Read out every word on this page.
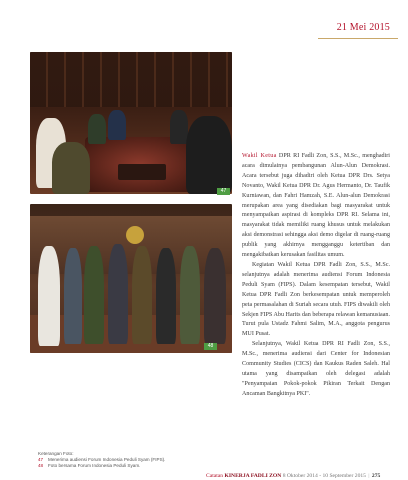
21 Mei 2015
47
48

Wakil Ketua DPR RI Fadli Zon, S.S., M.Sc., menghadiri acara dimulainya pembangunan Alun-Alun Demokrasi. Acara tersebut juga dihadiri oleh Ketua DPR Drs. Setya Novanto, Wakil Ketua DPR Dr. Agus Hermanto, Dr. Taufik Kurniawan, dan Fahri Hamzah, S.E. Alun-alun Demokrasi merupakan area yang disediakan bagi masyarakat untuk menyampaikan aspirasi di kompleks DPR RI. Selama ini, masyarakat tidak memiliki ruang khusus untuk melakukan aksi demonstrasi sehingga aksi demo digelar di ruang-ruang publik yang akhirnya mengganggu ketertiban dan mengakibatkan kerusakan fasilitas umum.

Kegiatan Wakil Ketua DPR Fadli Zon, S.S., M.Sc. selanjutnya adalah menerima audiensi Forum Indonesia Peduli Syam (FIPS). Dalam kesempatan tersebut, Wakil Ketua DPR Fadli Zon berkesempatan untuk memperoleh peta permasalahan di Suriah secara utuh. FIPS diwakili oleh Sekjen FIPS Abu Harits dan beberapa relawan kemanusiaan. Turut pula Ustadz Fahmi Salim, M.A., anggota pengurus MUI Pusat.

Selanjutnya, Wakil Ketua DPR RI Fadli Zon, S.S., M.Sc., menerima audiensi dari Center for Indonesian Community Studies (CICS) dan Kaukus Raden Saleh. Hal utama yang disampaikan oleh delegasi adalah "Penyampaian Pokok-pokok Pikiran Terkait Dengan Ancaman Bangkitnya PKI".

Keterangan Foto:
47	Menerima audiensi Forum Indonesia Peduli Syam (FIPS).
48	Foto bersama Forum Indonesia Peduli Syam.
Catatan KINERJA FADLI ZON 8 Oktober 2014 - 10 September 2015 | 275
